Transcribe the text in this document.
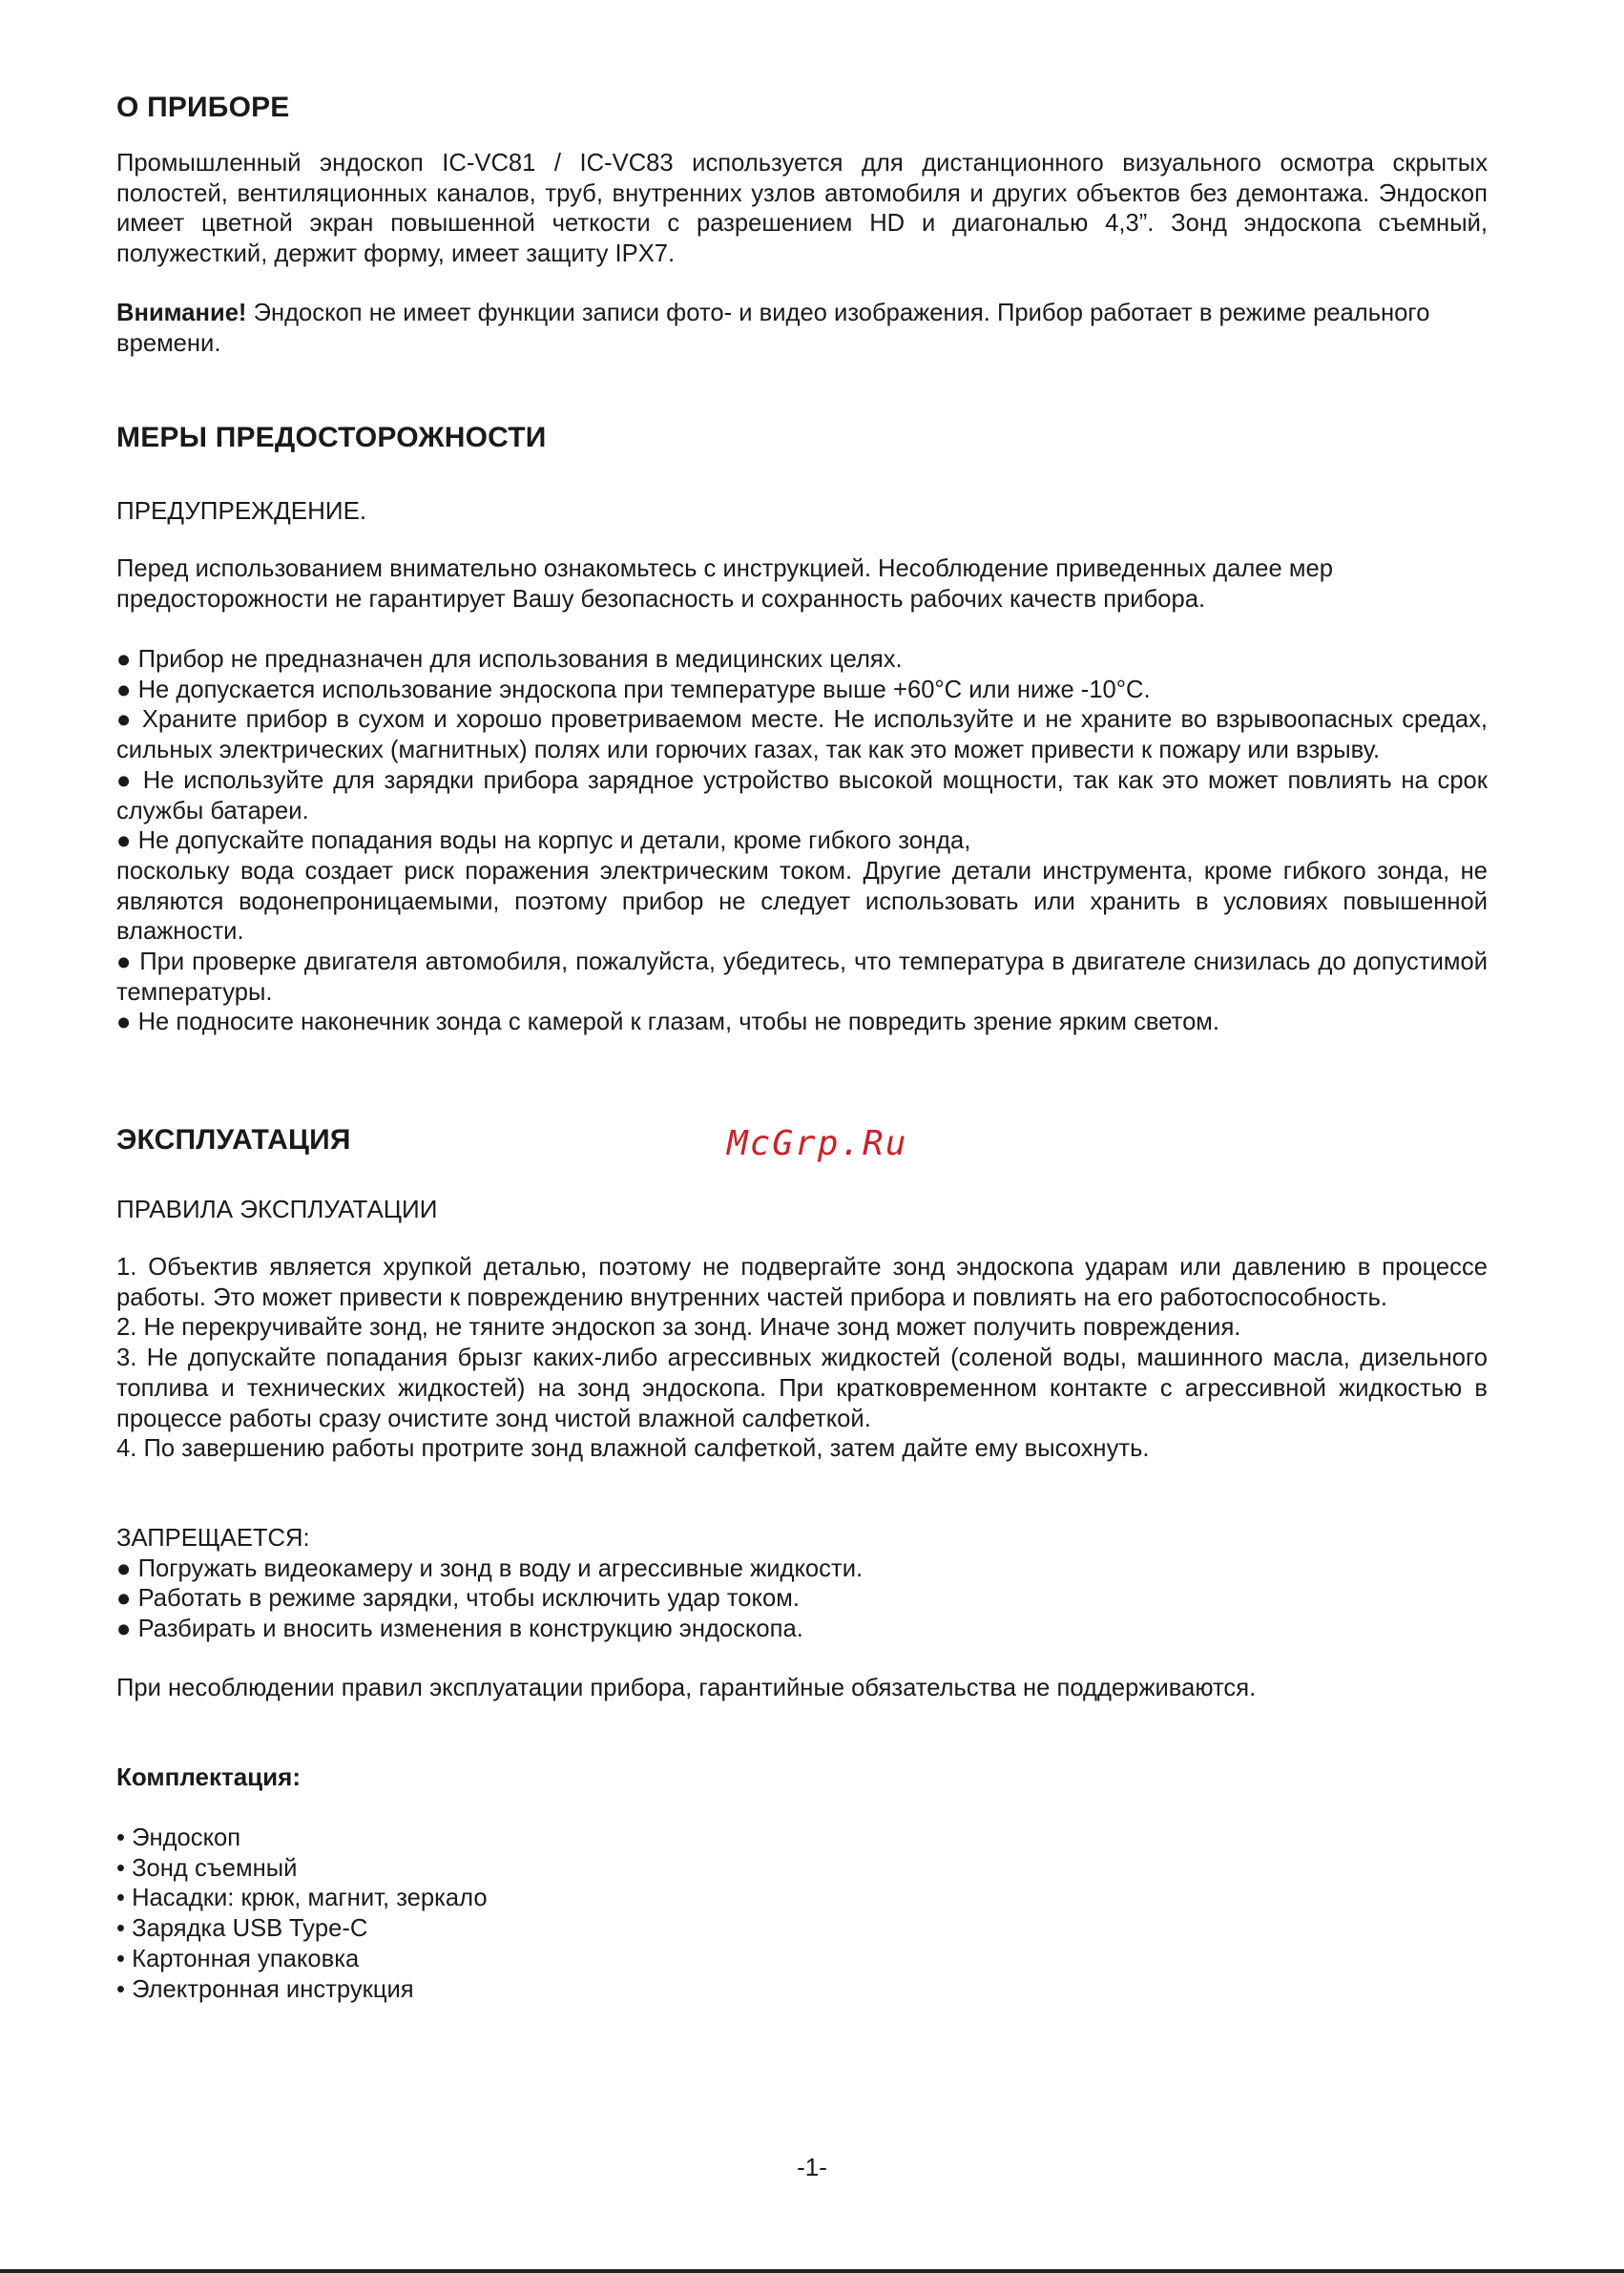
О ПРИБОРЕ

Промышленный эндоскоп IC-VC81 / IC-VC83 используется для дистанционного визуального осмотра скрытых полостей, вентиляционных каналов, труб, внутренних узлов автомобиля и других объектов без демонтажа. Эндоскоп имеет цветной экран повышенной четкости с разрешением HD и диагональю 4,3”. Зонд эндоскопа съемный, полужесткий, держит форму, имеет защиту IPX7.

Внимание! Эндоскоп не имеет функции записи фото- и видео изображения. Прибор работает в режиме реального времени.

МЕРЫ ПРЕДОСТОРОЖНОСТИ
ПРЕДУПРЕЖДЕНИЕ.

Перед использованием внимательно ознакомьтесь с инструкцией. Несоблюдение приведенных далее мер предосторожности не гарантирует Вашу безопасность и сохранность рабочих качеств прибора.

● Прибор не предназначен для использования в медицинских целях.

● Не допускается использование эндоскопа при температуре выше +60°С или ниже -10°С.

● Храните прибор в сухом и хорошо проветриваемом месте. Не используйте и не храните во взрывоопасных средах, сильных электрических (магнитных) полях или горючих газах, так как это может привести к пожару или взрыву.

● Не используйте для зарядки прибора зарядное устройство высокой мощности, так как это может повлиять на срок службы батареи.

● Не допускайте попадания воды на корпус и детали, кроме гибкого зонда,

поскольку вода создает риск поражения электрическим током. Другие детали инструмента, кроме гибкого зонда, не являются водонепроницаемыми, поэтому прибор не следует использовать или хранить в условиях повышенной влажности.

● При проверке двигателя автомобиля, пожалуйста, убедитесь, что температура в двигателе снизилась до допустимой температуры.

● Не подносите наконечник зонда с камерой к глазам, чтобы не повредить зрение ярким светом.

ЭКСПЛУАТАЦИЯ
ПРАВИЛА ЭКСПЛУАТАЦИИ

1. Объектив является хрупкой деталью, поэтому не подвергайте зонд эндоскопа ударам или давлению в процессе работы. Это может привести к повреждению внутренних частей прибора и повлиять на его работоспособность.

2. Не перекручивайте зонд, не тяните эндоскоп за зонд. Иначе зонд может получить повреждения.

3. Не допускайте попадания брызг каких-либо агрессивных жидкостей (соленой воды, машинного масла, дизельного топлива и технических жидкостей) на зонд эндоскопа. При кратковременном контакте с агрессивной жидкостью в процессе работы сразу очистите зонд чистой влажной салфеткой.

4. По завершению работы протрите зонд влажной салфеткой, затем дайте ему высохнуть.

ЗАПРЕЩАЕТСЯ:

● Погружать видеокамеру и зонд в воду и агрессивные жидкости.

● Работать в режиме зарядки, чтобы исключить удар током.

● Разбирать и вносить изменения в конструкцию эндоскопа.

При несоблюдении правил эксплуатации прибора, гарантийные обязательства не поддерживаются.

Комплектация:

• Эндоскоп

• Зонд съемный

• Насадки: крюк, магнит, зеркало

• Зарядка USB Type-C

• Картонная упаковка

• Электронная инструкция

McGrp.Ru
-1-
